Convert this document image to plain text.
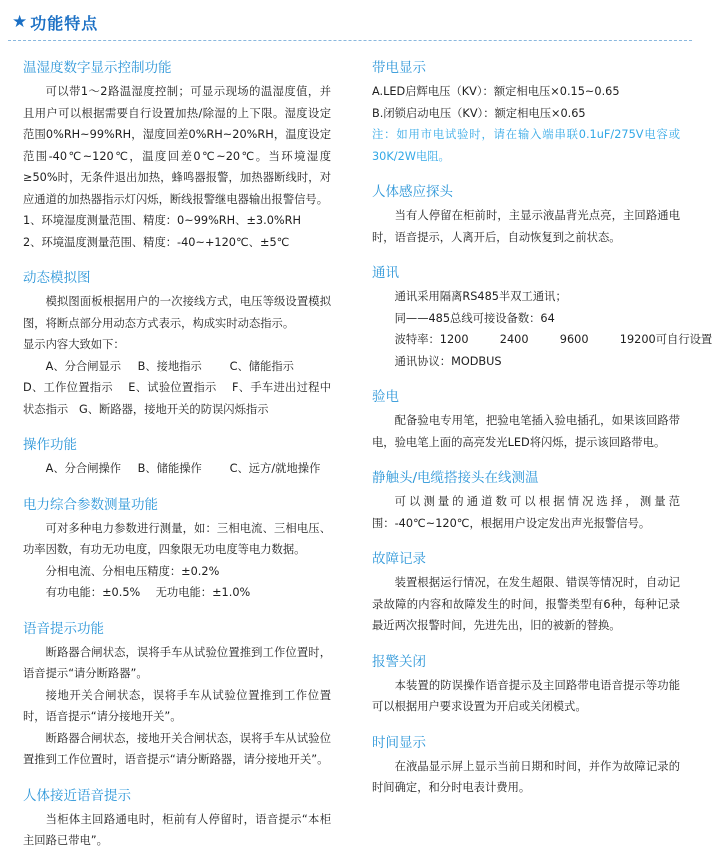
★ 功能特点
温湿度数字显示控制功能

可以带1～2路温湿度控制；可显示现场的温湿度值，并且用户可以根据需要自行设置加热/除湿的上下限。湿度设定范围0%RH~99%RH，湿度回差0%RH~20%RH，温度设定范围-40℃~120℃，温度回差0℃~20℃。当环境湿度≥50%时，无条件退出加热，蜂鸣器报警，加热器断线时，对应通道的加热器指示灯闪烁，断线报警继电器输出报警信号。

1、环境湿度测量范围、精度：0~99%RH、±3.0%RH

2、环境温度测量范围、精度：-40~+120℃、±5℃

动态模拟图

模拟图面板根据用户的一次接线方式，电压等级设置模拟图，将断点部分用动态方式表示，构成实时动态指示。

显示内容大致如下：

A、分合闸显示	B、接地指示	C、储能指示

D、工作位置指示 E、试验位置指示 F、手车进出过程中状态指示 G、断路器，接地开关的防误闪烁指示

操作功能
A、分合闸操作	B、储能操作	C、远方/就地操作
电力综合参数测量功能

可对多种电力参数进行测量，如：三相电流、三相电压、功率因数，有功无功电度，四象限无功电度等电力数据。

分相电流、分相电压精度：±0.2%

有功电能：±0.5%	无功电能：±1.0%
语音提示功能

断路器合闸状态，误将手车从试验位置推到工作位置时，语音提示“请分断路器”。

接地开关合闸状态，误将手车从试验位置推到工作位置时，语音提示“请分接地开关”。

断路器合闸状态，接地开关合闸状态，误将手车从试验位置推到工作位置时，语音提示“请分断路器，请分接地开关”。

人体接近语音提示

当柜体主回路通电时，柜前有人停留时，语音提示“本柜主回路已带电”。

带电显示

A.LED启辉电压（KV）：额定相电压×0.15~0.65

B.闭锁启动电压（KV）：额定相电压×0.65

注：如用市电试验时，请在输入端串联0.1uF/275V电容或30K/2W电阻。

人体感应探头

当有人停留在柜前时，主显示液晶背光点亮，主回路通电时，语音提示，人离开后，自动恢复到之前状态。

通讯

通讯采用隔离RS485半双工通讯；

同——485总线可接设备数：64

波特率： 1200	2400	9600	19200可自行设置

通讯协议：MODBUS

验电

配备验电专用笔，把验电笔插入验电插孔，如果该回路带电，验电笔上面的高亮发光LED将闪烁，提示该回路带电。

静触头/电缆搭接头在线测温

可以测量的通道数可以根据情况选择，测量范围：-40℃~120℃，根据用户设定发出声光报警信号。

故障记录

装置根据运行情况，在发生超限、错误等情况时，自动记录故障的内容和故障发生的时间，报警类型有6种，每种记录最近两次报警时间，先进先出，旧的被新的替换。

报警关闭

本装置的防误操作语音提示及主回路带电语音提示等功能可以根据用户要求设置为开启或关闭模式。

时间显示

在液晶显示屏上显示当前日期和时间，并作为故障记录的时间确定，和分时电表计费用。
